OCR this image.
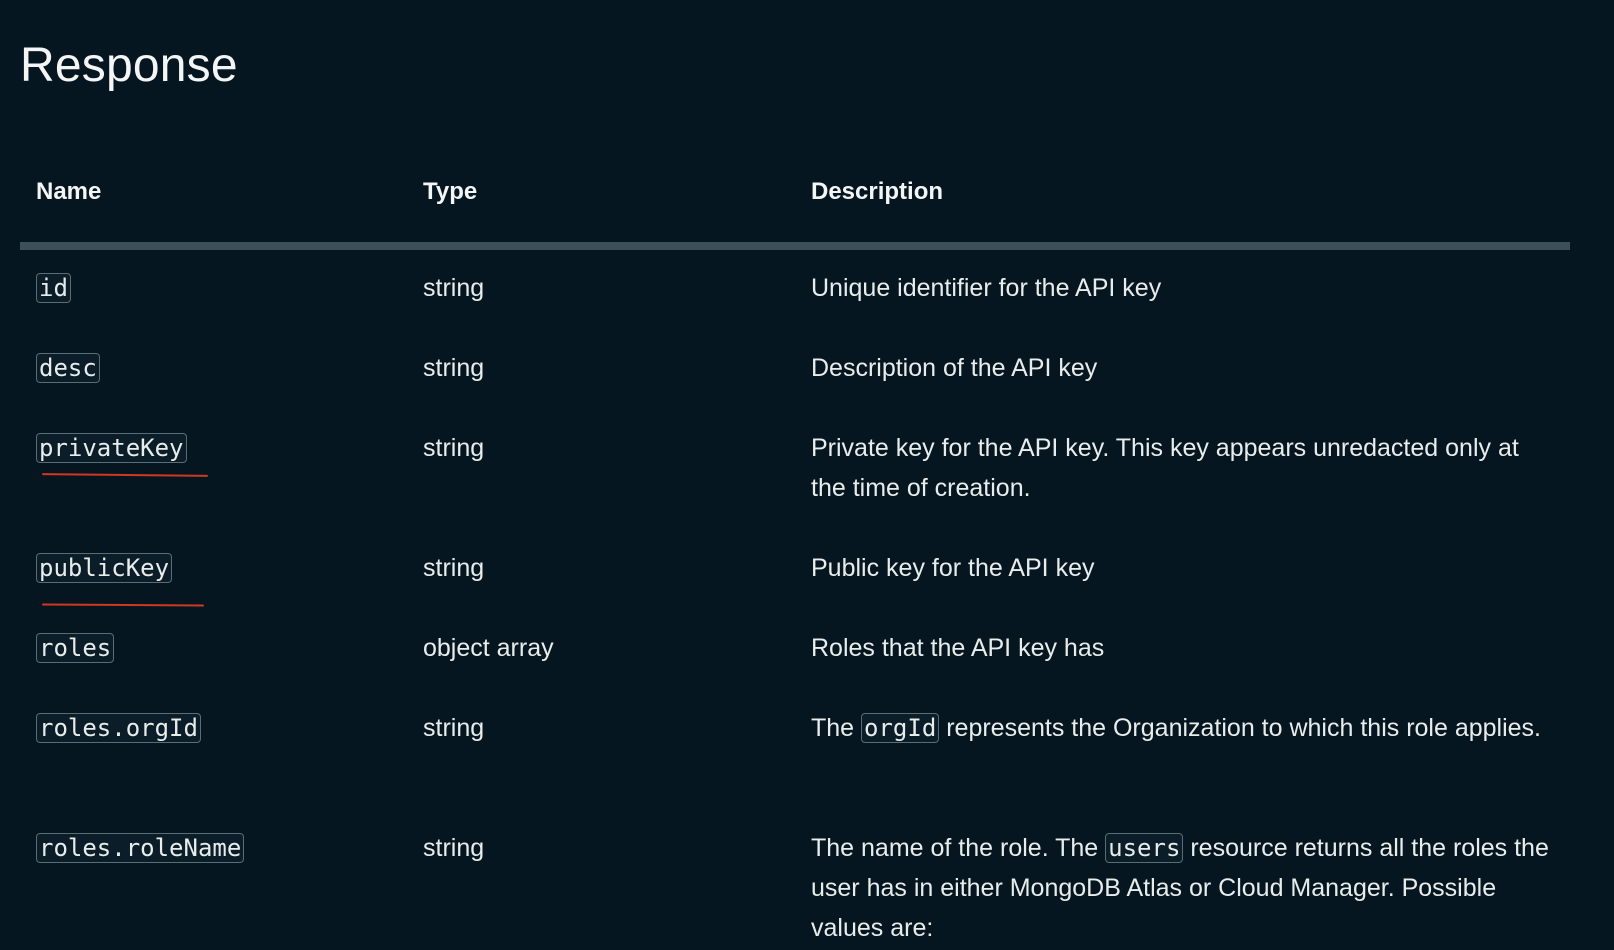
Response
Name	Type	Description
id	string	Unique identifier for the API key
desc	string	Description of the API key
privateKey	string	Private key for the API key. This key appears unredacted only at the time of creation.
publicKey	string	Public key for the API key
roles	object array	Roles that the API key has
roles.orgId	string	The orgId represents the Organization to which this role applies.
roles.roleName	string	The name of the role. The users resource returns all the roles the user has in either MongoDB Atlas or Cloud Manager. Possible values are:
